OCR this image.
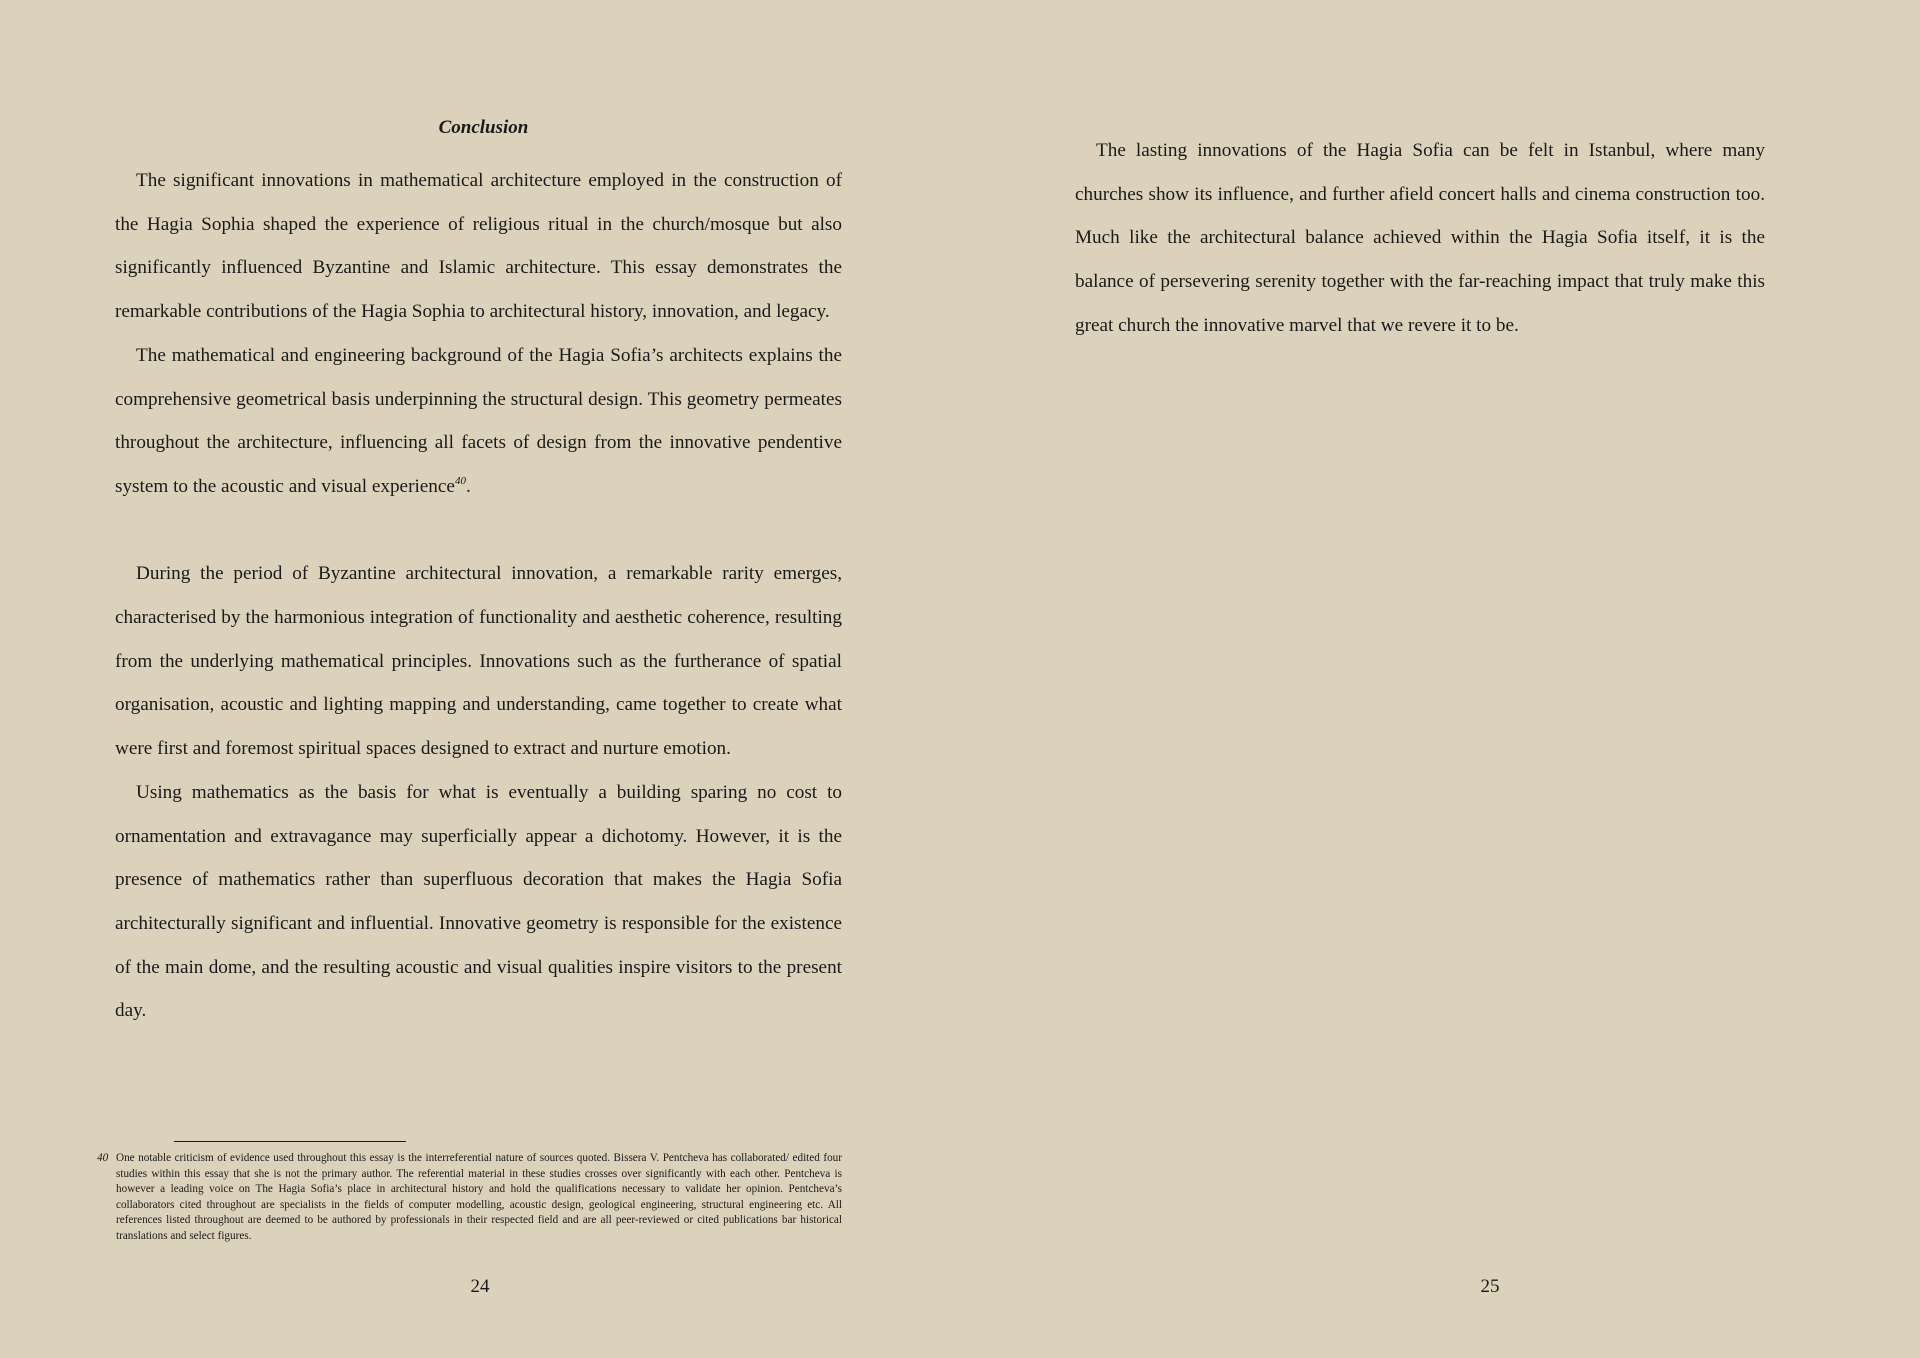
Conclusion

The significant innovations in mathematical architecture employed in the construction of the Hagia Sophia shaped the experience of religious ritual in the church/mosque but also significantly influenced Byzantine and Islamic architecture. This essay demonstrates the remarkable contributions of the Hagia Sophia to architectural history, innovation, and legacy.

The mathematical and engineering background of the Hagia Sofia’s architects explains the comprehensive geometrical basis underpinning the structural design. This geometry permeates throughout the architecture, influencing all facets of design from the innovative pendentive system to the acoustic and visual experience$^{40}$.

During the period of Byzantine architectural innovation, a remarkable rarity emerges, characterised by the harmonious integration of functionality and aesthetic coherence, resulting from the underlying mathematical principles. Innovations such as the furtherance of spatial organisation, acoustic and lighting mapping and understanding, came together to create what were first and foremost spiritual spaces designed to extract and nurture emotion.

Using mathematics as the basis for what is eventually a building sparing no cost to ornamentation and extravagance may superficially appear a dichotomy. However, it is the presence of mathematics rather than superfluous decoration that makes the Hagia Sofia architecturally significant and influential. Innovative geometry is responsible for the existence of the main dome, and the resulting acoustic and visual qualities inspire visitors to the present day.

40 One notable criticism of evidence used throughout this essay is the interreferential nature of sources quoted. Bissera V. Pentcheva has collaborated/ edited four studies within this essay that she is not the primary author. The referential material in these studies crosses over significantly with each other. Pentcheva is however a leading voice on The Hagia Sofia’s place in architectural history and hold the qualifications necessary to validate her opinion. Pentcheva’s collaborators cited throughout are specialists in the fields of computer modelling, acoustic design, geological engineering, structural engineering etc. All references listed throughout are deemed to be authored by professionals in their respected field and are all peer-reviewed or cited publications bar historical translations and select figures.
24

The lasting innovations of the Hagia Sofia can be felt in Istanbul, where many churches show its influence, and further afield concert halls and cinema construction too. Much like the architectural balance achieved within the Hagia Sofia itself, it is the balance of persevering serenity together with the far-reaching impact that truly make this great church the innovative marvel that we revere it to be.

25
